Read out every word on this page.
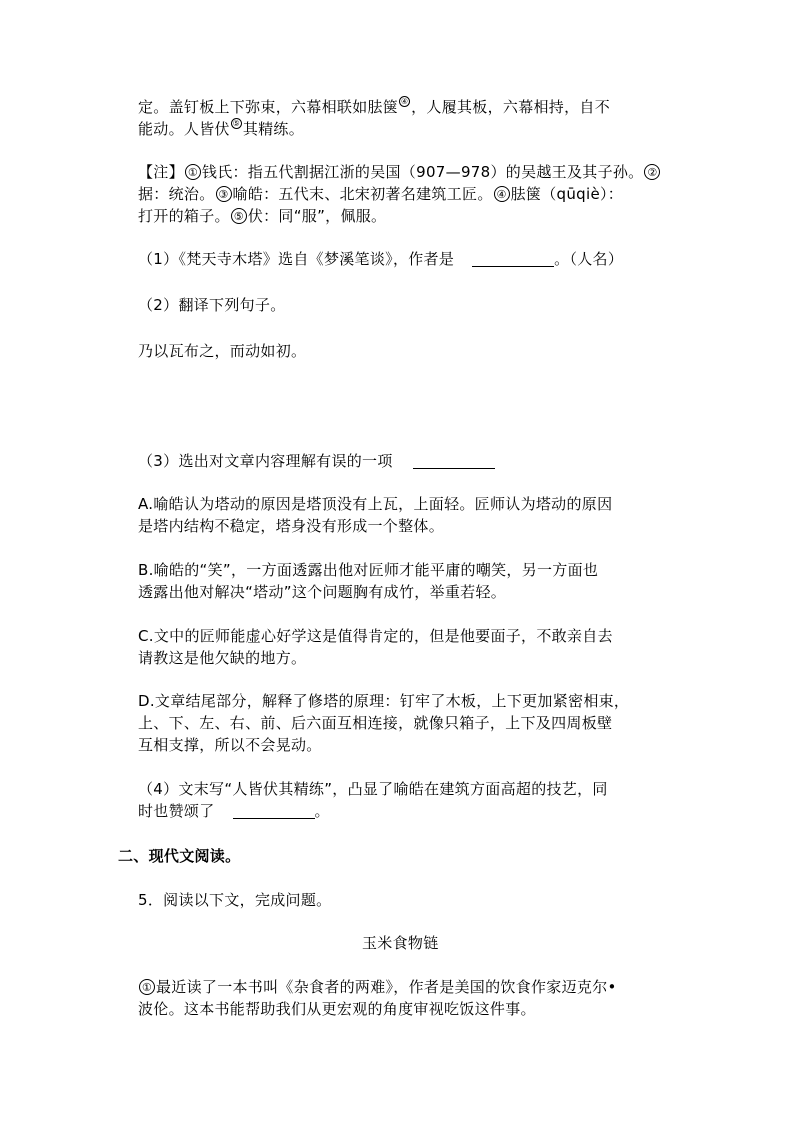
定。盖钉板上下弥束，六幕相联如胠箧 ④ ，人履其板，六幕相持，自不
能动。人皆伏 ⑤ 其精练。
【注】 ① 钱氏：指五代割据江浙的吴国（907—978）的吴越王及其子孙。 ②
据：统治。 ③ 喻皓：五代末、北宋初著名建筑工匠。 ④ 胠箧（qūqiè）：
打开的箱子。 ⑤ 伏：同“服”，佩服。
（1）《梵天寺木塔》选自《梦溪笔谈》，作者是	。（人名）
（2）翻译下列句子。
乃以瓦布之，而动如初。
（3）选出对文章内容理解有误的一项
A.喻皓认为塔动的原因是塔顶没有上瓦，上面轻。匠师认为塔动的原因
是塔内结构不稳定，塔身没有形成一个整体。
B.喻皓的“笑”，一方面透露出他对匠师才能平庸的嘲笑，另一方面也
透露出他对解决“塔动”这个问题胸有成竹，举重若轻。
C.文中的匠师能虚心好学这是值得肯定的，但是他要面子，不敢亲自去
请教这是他欠缺的地方。
D.文章结尾部分，解释了修塔的原理：钉牢了木板，上下更加紧密相束，
上、下、左、右、前、后六面互相连接，就像只箱子，上下及四周板壁
互相支撑，所以不会晃动。
（4）文末写“人皆伏其精练”，凸显了喻皓在建筑方面高超的技艺，同
时也赞颂了	。
二、现代文阅读。
5．阅读以下文，完成问题。
玉米食物链
① 最近读了一本书叫《杂食者的两难》，作者是美国的饮食作家迈克尔•
波伦。这本书能帮助我们从更宏观的角度审视吃饭这件事。
